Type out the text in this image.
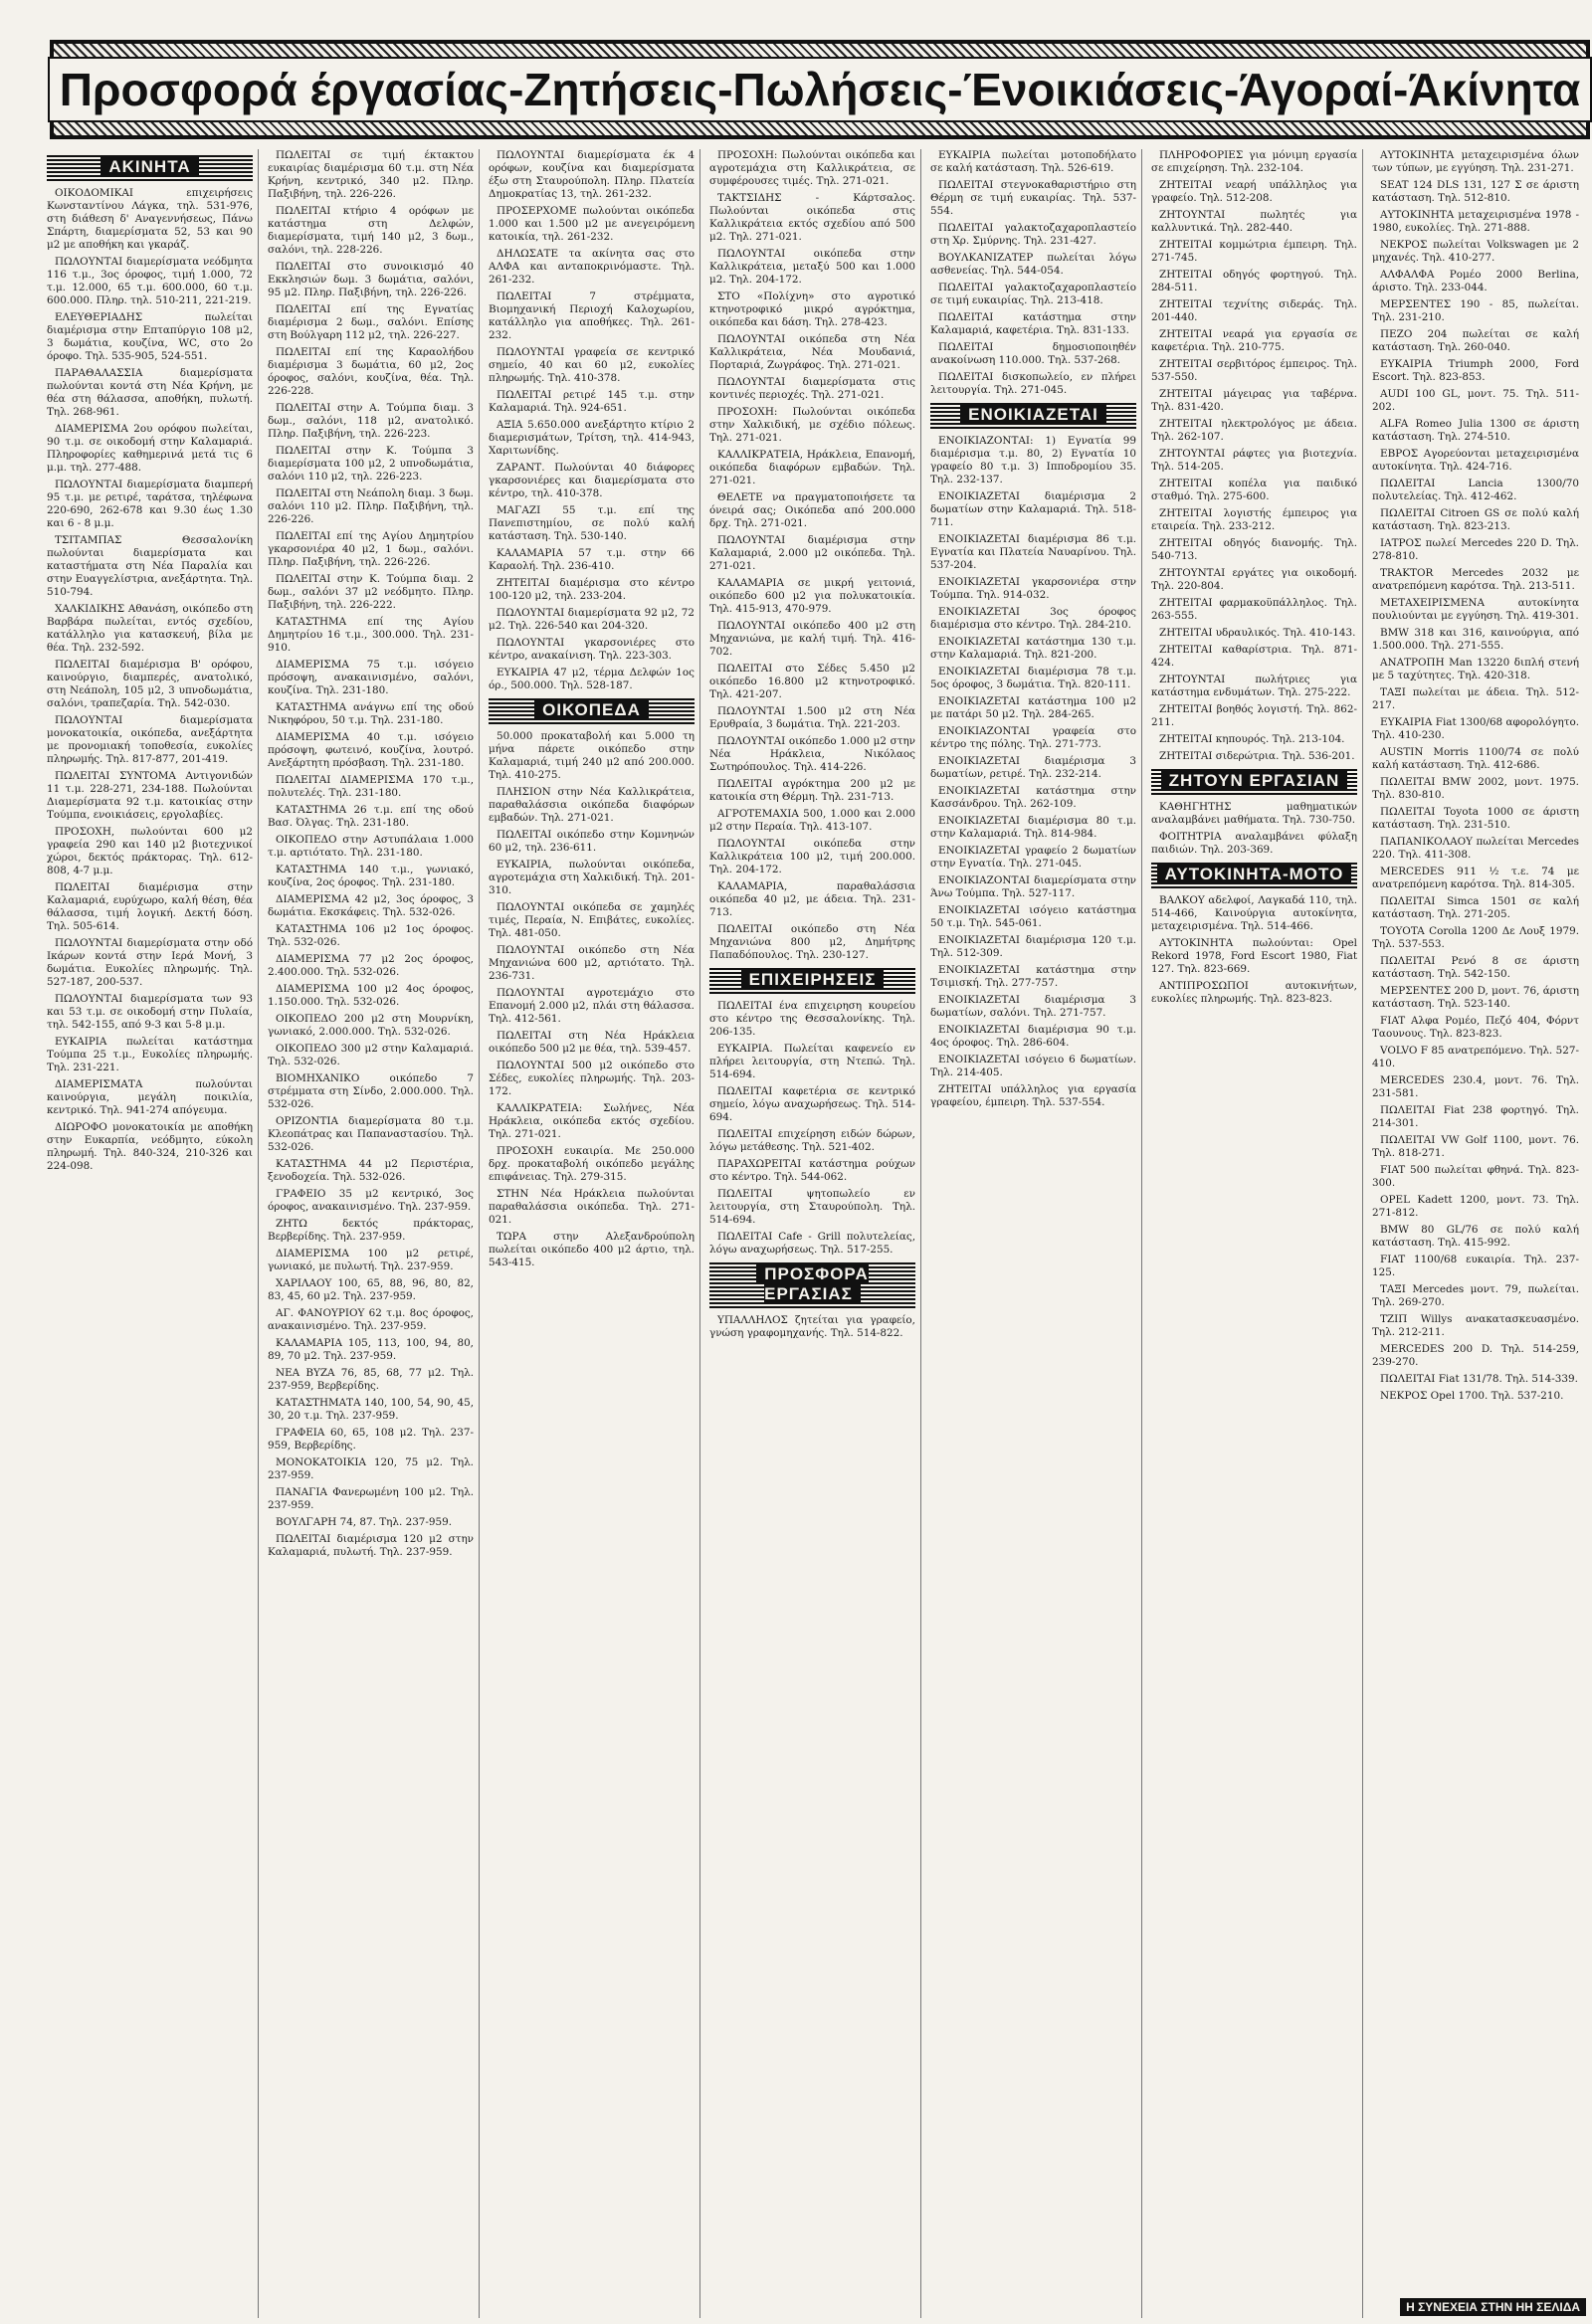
Προσφορά έργασίας-Ζητήσεις-Πωλήσεις-Ένοικιάσεις-Άγοραί-Άκίνητα
ΑΚΙΝΗΤΑ

ΟΙΚΟΔΟΜΙΚΑΙ επιχειρήσεις Κωνσταντίνου Λάγκα, τηλ. 531-976, στη διάθεση δ' Αναγεννήσεως, Πάνω Σπάρτη, διαμερίσματα 52, 53 και 90 μ2 με αποθήκη και γκαράζ.

ΠΩΛΟΥΝΤΑΙ διαμερίσματα νεόδμητα 116 τ.μ., 3ος όροφος, τιμή 1.000, 72 τ.μ. 12.000, 65 τ.μ. 600.000, 60 τ.μ. 600.000. Πληρ. τηλ. 510-211, 221-219.

ΕΛΕΥΘΕΡΙΑΔΗΣ πωλείται διαμέρισμα στην Επταπύργιο 108 μ2, 3 δωμάτια, κουζίνα, WC, στο 2ο όροφο. Τηλ. 535-905, 524-551.

ΠΑΡΑΘΑΛΑΣΣΙΑ διαμερίσματα πωλούνται κοντά στη Νέα Κρήνη, με θέα στη θάλασσα, αποθήκη, πυλωτή. Τηλ. 268-961.

ΔΙΑΜΕΡΙΣΜΑ 2ου ορόφου πωλείται, 90 τ.μ. σε οικοδομή στην Καλαμαριά. Πληροφορίες καθημερινά μετά τις 6 μ.μ. τηλ. 277-488.

ΠΩΛΟΥΝΤΑΙ διαμερίσματα διαμπερή 95 τ.μ. με ρετιρέ, ταράτσα, τηλέφωνα 220-690, 262-678 και 9.30 έως 1.30 και 6 - 8 μ.μ.

ΤΣΙΤΑΜΠΑΣ Θεσσαλονίκη πωλούνται διαμερίσματα και καταστήματα στη Νέα Παραλία και στην Ευαγγελίστρια, ανεξάρτητα. Τηλ. 510-794.

ΧΑΛΚΙΔΙΚΗΣ Αθανάση, οικόπεδο στη Βαρβάρα πωλείται, εντός σχεδίου, κατάλληλο για κατασκευή, βίλα με θέα. Τηλ. 232-592.

ΠΩΛΕΙΤΑΙ διαμέρισμα Β' ορόφου, καινούργιο, διαμπερές, ανατολικό, στη Νεάπολη, 105 μ2, 3 υπνοδωμάτια, σαλόνι, τραπεζαρία. Τηλ. 542-030.

ΠΩΛΟΥΝΤΑΙ διαμερίσματα μονοκατοικία, οικόπεδα, ανεξάρτητα με προνομιακή τοποθεσία, ευκολίες πληρωμής. Τηλ. 817-877, 201-419.

ΠΩΛΕΙΤΑΙ ΣΥΝΤΟΜΑ Αντιγονιδών 11 τ.μ. 228-271, 234-188. Πωλούνται Διαμερίσματα 92 τ.μ. κατοικίας στην Τούμπα, ενοικιάσεις, εργολαβίες.

ΠΡΟΣΟΧΗ, πωλούνται 600 μ2 γραφεία 290 και 140 μ2 βιοτεχνικοί χώροι, δεκτός πράκτορας. Τηλ. 612-808, 4-7 μ.μ.

ΠΩΛΕΙΤΑΙ διαμέρισμα στην Καλαμαριά, ευρύχωρο, καλή θέση, θέα θάλασσα, τιμή λογική. Δεκτή δόση. Τηλ. 505-614.

ΠΩΛΟΥΝΤΑΙ διαμερίσματα στην οδό Ικάρων κοντά στην Ιερά Μονή, 3 δωμάτια. Ευκολίες πληρωμής. Τηλ. 527-187, 200-537.

ΠΩΛΟΥΝΤΑΙ διαμερίσματα των 93 και 53 τ.μ. σε οικοδομή στην Πυλαία, τηλ. 542-155, από 9-3 και 5-8 μ.μ.

ΕΥΚΑΙΡΙΑ πωλείται κατάστημα Τούμπα 25 τ.μ., Ευκολίες πληρωμής. Τηλ. 231-221.

ΔΙΑΜΕΡΙΣΜΑΤΑ πωλούνται καινούργια, μεγάλη ποικιλία, κεντρικό. Τηλ. 941-274 απόγευμα.

ΔΙΩΡΟΦΟ μονοκατοικία με αποθήκη στην Ευκαρπία, νεόδμητο, εύκολη πληρωμή. Τηλ. 840-324, 210-326 και 224-098.

ΠΩΛΕΙΤΑΙ σε τιμή έκτακτου ευκαιρίας διαμέρισμα 60 τ.μ. στη Νέα Κρήνη, κεντρικό, 340 μ2. Πληρ. Παξιβήνη, τηλ. 226-226.

ΠΩΛΕΙΤΑΙ κτήριο 4 ορόφων με κατάστημα στη Δελφών, διαμερίσματα, τιμή 140 μ2, 3 δωμ., σαλόνι, τηλ. 228-226.

ΠΩΛΕΙΤΑΙ στο συνοικισμό 40 Εκκλησιών δωμ. 3 δωμάτια, σαλόνι, 95 μ2. Πληρ. Παξιβήνη, τηλ. 226-226.

ΠΩΛΕΙΤΑΙ επί της Εγνατίας διαμέρισμα 2 δωμ., σαλόνι. Επίσης στη Βούλγαρη 112 μ2, τηλ. 226-227.

ΠΩΛΕΙΤΑΙ επί της Καραολήδου διαμέρισμα 3 δωμάτια, 60 μ2, 2ος όροφος, σαλόνι, κουζίνα, θέα. Τηλ. 226-228.

ΠΩΛΕΙΤΑΙ στην Α. Τούμπα διαμ. 3 δωμ., σαλόνι, 118 μ2, ανατολικό. Πληρ. Παξιβήνη, τηλ. 226-223.

ΠΩΛΕΙΤΑΙ στην Κ. Τούμπα 3 διαμερίσματα 100 μ2, 2 υπνοδωμάτια, σαλόνι 110 μ2, τηλ. 226-223.

ΠΩΛΕΙΤΑΙ στη Νεάπολη διαμ. 3 δωμ. σαλόνι 110 μ2. Πληρ. Παξιβήνη, τηλ. 226-226.

ΠΩΛΕΙΤΑΙ επί της Αγίου Δημητρίου γκαρσονιέρα 40 μ2, 1 δωμ., σαλόνι. Πληρ. Παξιβήνη, τηλ. 226-226.

ΠΩΛΕΙΤΑΙ στην Κ. Τούμπα διαμ. 2 δωμ., σαλόνι 37 μ2 νεόδμητο. Πληρ. Παξιβήνη, τηλ. 226-222.

ΚΑΤΑΣΤΗΜΑ επί της Αγίου Δημητρίου 16 τ.μ., 300.000. Τηλ. 231-910.

ΔΙΑΜΕΡΙΣΜΑ 75 τ.μ. ισόγειο πρόσοψη, ανακαινισμένο, σαλόνι, κουζίνα. Τηλ. 231-180.

ΚΑΤΑΣΤΗΜΑ ανάγνω επί της οδού Νικηφόρου, 50 τ.μ. Τηλ. 231-180.

ΔΙΑΜΕΡΙΣΜΑ 40 τ.μ. ισόγειο πρόσοψη, φωτεινό, κουζίνα, λουτρό. Ανεξάρτητη πρόσβαση. Τηλ. 231-180.

ΠΩΛΕΙΤΑΙ ΔΙΑΜΕΡΙΣΜΑ 170 τ.μ., πολυτελές. Τηλ. 231-180.

ΚΑΤΑΣΤΗΜΑ 26 τ.μ. επί της οδού Βασ. Όλγας. Τηλ. 231-180.

ΟΙΚΟΠΕΔΟ στην Αστυπάλαια 1.000 τ.μ. αρτιότατο. Τηλ. 231-180.

ΚΑΤΑΣΤΗΜΑ 140 τ.μ., γωνιακό, κουζίνα, 2ος όροφος. Τηλ. 231-180.

ΔΙΑΜΕΡΙΣΜΑ 42 μ2, 3ος όροφος, 3 δωμάτια. Εκσκάφεις. Τηλ. 532-026.

ΚΑΤΑΣΤΗΜΑ 106 μ2 1ος όροφος. Τηλ. 532-026.

ΔΙΑΜΕΡΙΣΜΑ 77 μ2 2ος όροφος, 2.400.000. Τηλ. 532-026.

ΔΙΑΜΕΡΙΣΜΑ 100 μ2 4ος όροφος, 1.150.000. Τηλ. 532-026.

ΟΙΚΟΠΕΔΟ 200 μ2 στη Μουρνίκη, γωνιακό, 2.000.000. Τηλ. 532-026.

ΟΙΚΟΠΕΔΟ 300 μ2 στην Καλαμαριά. Τηλ. 532-026.

ΒΙΟΜΗΧΑΝΙΚΟ οικόπεδο 7 στρέμματα στη Σίνδο, 2.000.000. Τηλ. 532-026.

ΟΡΙΖΟΝΤΙΑ διαμερίσματα 80 τ.μ. Κλεοπάτρας και Παπαναστασίου. Τηλ. 532-026.

ΚΑΤΑΣΤΗΜΑ 44 μ2 Περιστέρια, ξενοδοχεία. Τηλ. 532-026.

ΓΡΑΦΕΙΟ 35 μ2 κεντρικό, 3ος όροφος, ανακαινισμένο. Τηλ. 237-959.

ΖΗΤΩ δεκτός πράκτορας, Βερβερίδης. Τηλ. 237-959.

ΔΙΑΜΕΡΙΣΜΑ 100 μ2 ρετιρέ, γωνιακό, με πυλωτή. Τηλ. 237-959.

ΧΑΡΙΛΑΟΥ 100, 65, 88, 96, 80, 82, 83, 45, 60 μ2. Τηλ. 237-959.

ΑΓ. ΦΑΝΟΥΡΙΟΥ 62 τ.μ. 8ος όροφος, ανακαινισμένο. Τηλ. 237-959.

ΚΑΛΑΜΑΡΙΑ 105, 113, 100, 94, 80, 89, 70 μ2. Τηλ. 237-959.

ΝΕΑ ΒΥΖΑ 76, 85, 68, 77 μ2. Τηλ. 237-959, Βερβερίδης.

ΚΑΤΑΣΤΗΜΑΤΑ 140, 100, 54, 90, 45, 30, 20 τ.μ. Τηλ. 237-959.

ΓΡΑΦΕΙΑ 60, 65, 108 μ2. Τηλ. 237-959, Βερβερίδης.

ΜΟΝΟΚΑΤΟΙΚΙΑ 120, 75 μ2. Τηλ. 237-959.

ΠΑΝΑΓΙΑ Φανερωμένη 100 μ2. Τηλ. 237-959.

ΒΟΥΛΓΑΡΗ 74, 87. Τηλ. 237-959.

ΠΩΛΕΙΤΑΙ διαμέρισμα 120 μ2 στην Καλαμαριά, πυλωτή. Τηλ. 237-959.

ΠΩΛΟΥΝΤΑΙ διαμερίσματα έκ 4 ορόφων, κουζίνα και διαμερίσματα έξω στη Σταυρούπολη. Πληρ. Πλατεία Δημοκρατίας 13, τηλ. 261-232.

ΠΡΟΣΕΡΧΟΜΕ πωλούνται οικόπεδα 1.000 και 1.500 μ2 με ανεγειρόμενη κατοικία, τηλ. 261-232.

ΔΗΛΩΣΑΤΕ τα ακίνητα σας στο ΑΛΦΑ και ανταποκρινόμαστε. Τηλ. 261-232.

ΠΩΛΕΙΤΑΙ 7 στρέμματα, Βιομηχανική Περιοχή Καλοχωρίου, κατάλληλο για αποθήκες. Τηλ. 261-232.

ΠΩΛΟΥΝΤΑΙ γραφεία σε κεντρικό σημείο, 40 και 60 μ2, ευκολίες πληρωμής. Τηλ. 410-378.

ΠΩΛΕΙΤΑΙ ρετιρέ 145 τ.μ. στην Καλαμαριά. Τηλ. 924-651.

ΑΞΙΑ 5.650.000 ανεξάρτητο κτίριο 2 διαμερισμάτων, Τρίτση, τηλ. 414-943, Χαριτωνίδης.

ΖΑΡΑΝΤ. Πωλούνται 40 διάφορες γκαρσονιέρες και διαμερίσματα στο κέντρο, τηλ. 410-378.

ΜΑΓΑΖΙ 55 τ.μ. επί της Πανεπιστημίου, σε πολύ καλή κατάσταση. Τηλ. 530-140.

ΚΑΛΑΜΑΡΙΑ 57 τ.μ. στην 66 Καραολή. Τηλ. 236-410.

ΖΗΤΕΙΤΑΙ διαμέρισμα στο κέντρο 100-120 μ2, τηλ. 233-204.

ΠΩΛΟΥΝΤΑΙ διαμερίσματα 92 μ2, 72 μ2. Τηλ. 226-540 και 204-320.

ΠΩΛΟΥΝΤΑΙ γκαρσονιέρες στο κέντρο, ανακαίνιση. Τηλ. 223-303.

ΕΥΚΑΙΡΙΑ 47 μ2, τέρμα Δελφών 1ος όρ., 500.000. Τηλ. 528-187.

ΟΙΚΟΠΕΔΑ

50.000 προκαταβολή και 5.000 τη μήνα πάρετε οικόπεδο στην Καλαμαριά, τιμή 240 μ2 από 200.000. Τηλ. 410-275.

ΠΛΗΣΙΟΝ στην Νέα Καλλικράτεια, παραθαλάσσια οικόπεδα διαφόρων εμβαδών. Τηλ. 271-021.

ΠΩΛΕΙΤΑΙ οικόπεδο στην Κομνηνών 60 μ2, τηλ. 236-611.

ΕΥΚΑΙΡΙΑ, πωλούνται οικόπεδα, αγροτεμάχια στη Χαλκιδική. Τηλ. 201-310.

ΠΩΛΟΥΝΤΑΙ οικόπεδα σε χαμηλές τιμές, Περαία, Ν. Επιβάτες, ευκολίες. Τηλ. 481-050.

ΠΩΛΟΥΝΤΑΙ οικόπεδο στη Νέα Μηχανιώνα 600 μ2, αρτιότατο. Τηλ. 236-731.

ΠΩΛΟΥΝΤΑΙ αγροτεμάχιο στο Επανομή 2.000 μ2, πλάι στη θάλασσα. Τηλ. 412-561.

ΠΩΛΕΙΤΑΙ στη Νέα Ηράκλεια οικόπεδο 500 μ2 με θέα, τηλ. 539-457.

ΠΩΛΟΥΝΤΑΙ 500 μ2 οικόπεδο στο Σέδες, ευκολίες πληρωμής. Τηλ. 203-172.

ΚΑΛΛΙΚΡΑΤΕΙΑ: Σωλήνες, Νέα Ηράκλεια, οικόπεδα εκτός σχεδίου. Τηλ. 271-021.

ΠΡΟΣΟΧΗ ευκαιρία. Με 250.000 δρχ. προκαταβολή οικόπεδο μεγάλης επιφάνειας. Τηλ. 279-315.

ΣΤΗΝ Νέα Ηράκλεια πωλούνται παραθαλάσσια οικόπεδα. Τηλ. 271-021.

ΤΩΡΑ στην Αλεξανδρούπολη πωλείται οικόπεδο 400 μ2 άρτιο, τηλ. 543-415.

ΠΡΟΣΟΧΗ: Πωλούνται οικόπεδα και αγροτεμάχια στη Καλλικράτεια, σε συμφέρουσες τιμές. Τηλ. 271-021.

ΤΑΚΤΣΙΔΗΣ - Κάρτσαλος. Πωλούνται οικόπεδα στις Καλλικράτεια εκτός σχεδίου από 500 μ2. Τηλ. 271-021.

ΠΩΛΟΥΝΤΑΙ οικόπεδα στην Καλλικράτεια, μεταξύ 500 και 1.000 μ2. Τηλ. 204-172.

ΣΤΟ «Πολίχνη» στο αγροτικό κτηνοτροφικό μικρό αγρόκτημα, οικόπεδα και δάση. Τηλ. 278-423.

ΠΩΛΟΥΝΤΑΙ οικόπεδα στη Νέα Καλλικράτεια, Νέα Μουδανιά, Πορταριά, Ζωγράφος. Τηλ. 271-021.

ΠΩΛΟΥΝΤΑΙ διαμερίσματα στις κοντινές περιοχές. Τηλ. 271-021.

ΠΡΟΣΟΧΗ: Πωλούνται οικόπεδα στην Χαλκιδική, με σχέδιο πόλεως. Τηλ. 271-021.

ΚΑΛΛΙΚΡΑΤΕΙΑ, Ηράκλεια, Επανομή, οικόπεδα διαφόρων εμβαδών. Τηλ. 271-021.

ΘΕΛΕΤΕ να πραγματοποιήσετε τα όνειρά σας; Οικόπεδα από 200.000 δρχ. Τηλ. 271-021.

ΠΩΛΟΥΝΤΑΙ διαμέρισμα στην Καλαμαριά, 2.000 μ2 οικόπεδα. Τηλ. 271-021.

ΚΑΛΑΜΑΡΙΑ σε μικρή γειτονιά, οικόπεδο 600 μ2 για πολυκατοικία. Τηλ. 415-913, 470-979.

ΠΩΛΟΥΝΤΑΙ οικόπεδο 400 μ2 στη Μηχανιώνα, με καλή τιμή. Τηλ. 416-702.

ΠΩΛΕΙΤΑΙ στο Σέδες 5.450 μ2 οικόπεδο 16.800 μ2 κτηνοτροφικό. Τηλ. 421-207.

ΠΩΛΟΥΝΤΑΙ 1.500 μ2 στη Νέα Ερυθραία, 3 δωμάτια. Τηλ. 221-203.

ΠΩΛΟΥΝΤΑΙ οικόπεδο 1.000 μ2 στην Νέα Ηράκλεια, Νικόλαος Σωτηρόπουλος. Τηλ. 414-226.

ΠΩΛΕΙΤΑΙ αγρόκτημα 200 μ2 με κατοικία στη Θέρμη. Τηλ. 231-713.

ΑΓΡΟΤΕΜΑΧΙΑ 500, 1.000 και 2.000 μ2 στην Περαία. Τηλ. 413-107.

ΠΩΛΟΥΝΤΑΙ οικόπεδα στην Καλλικράτεια 100 μ2, τιμή 200.000. Τηλ. 204-172.

ΚΑΛΑΜΑΡΙΑ, παραθαλάσσια οικόπεδα 40 μ2, με άδεια. Τηλ. 231-713.

ΠΩΛΕΙΤΑΙ οικόπεδο στη Νέα Μηχανιώνα 800 μ2, Δημήτρης Παπαδόπουλος. Τηλ. 230-127.

ΕΠΙΧΕΙΡΗΣΕΙΣ

ΠΩΛΕΙΤΑΙ ένα επιχειρηση κουρείου στο κέντρο της Θεσσαλονίκης. Τηλ. 206-135.

ΕΥΚΑΙΡΙΑ. Πωλείται καφενείο εν πλήρει λειτουργία, στη Ντεπώ. Τηλ. 514-694.

ΠΩΛΕΙΤΑΙ καφετέρια σε κεντρικό σημείο, λόγω αναχωρήσεως. Τηλ. 514-694.

ΠΩΛΕΙΤΑΙ επιχείρηση ειδών δώρων, λόγω μετάθεσης. Τηλ. 521-402.

ΠΑΡΑΧΩΡΕΙΤΑΙ κατάστημα ρούχων στο κέντρο. Τηλ. 544-062.

ΠΩΛΕΙΤΑΙ ψητοπωλείο εν λειτουργία, στη Σταυρούπολη. Τηλ. 514-694.

ΠΩΛΕΙΤΑΙ Cafe - Grill πολυτελείας, λόγω αναχωρήσεως. Τηλ. 517-255.

ΠΡΟΣΦΟΡΑ ΕΡΓΑΣΙΑΣ

ΥΠΑΛΛΗΛΟΣ ζητείται για γραφείο, γνώση γραφομηχανής. Τηλ. 514-822.

ΕΥΚΑΙΡΙΑ πωλείται μοτοποδήλατο σε καλή κατάσταση. Τηλ. 526-619.

ΠΩΛΕΙΤΑΙ στεγνοκαθαριστήριο στη Θέρμη σε τιμή ευκαιρίας. Τηλ. 537-554.

ΠΩΛΕΙΤΑΙ γαλακτοζαχαροπλαστείο στη Χρ. Σμύρνης. Τηλ. 231-427.

ΒΟΥΛΚΑΝΙΖΑΤΕΡ πωλείται λόγω ασθενείας. Τηλ. 544-054.

ΠΩΛΕΙΤΑΙ γαλακτοζαχαροπλαστείο σε τιμή ευκαιρίας. Τηλ. 213-418.

ΠΩΛΕΙΤΑΙ κατάστημα στην Καλαμαριά, καφετέρια. Τηλ. 831-133.

ΠΩΛΕΙΤΑΙ δημοσιοποιηθέν ανακοίνωση 110.000. Τηλ. 537-268.

ΠΩΛΕΙΤΑΙ δισκοπωλείο, εν πλήρει λειτουργία. Τηλ. 271-045.

ΕΝΟΙΚΙΑΖΕΤΑΙ

ΕΝΟΙΚΙΑΖΟΝΤΑΙ: 1) Εγνατία 99 διαμέρισμα τ.μ. 80, 2) Εγνατία 10 γραφείο 80 τ.μ. 3) Ιπποδρομίου 35. Τηλ. 232-137.

ΕΝΟΙΚΙΑΖΕΤΑΙ διαμέρισμα 2 δωματίων στην Καλαμαριά. Τηλ. 518-711.

ΕΝΟΙΚΙΑΖΕΤΑΙ διαμέρισμα 86 τ.μ. Εγνατία και Πλατεία Ναυαρίνου. Τηλ. 537-204.

ΕΝΟΙΚΙΑΖΕΤΑΙ γκαρσονιέρα στην Τούμπα. Τηλ. 914-032.

ΕΝΟΙΚΙΑΖΕΤΑΙ 3ος όροφος διαμέρισμα στο κέντρο. Τηλ. 284-210.

ΕΝΟΙΚΙΑΖΕΤΑΙ κατάστημα 130 τ.μ. στην Καλαμαριά. Τηλ. 821-200.

ΕΝΟΙΚΙΑΖΕΤΑΙ διαμέρισμα 78 τ.μ. 5ος όροφος, 3 δωμάτια. Τηλ. 820-111.

ΕΝΟΙΚΙΑΖΕΤΑΙ κατάστημα 100 μ2 με πατάρι 50 μ2. Τηλ. 284-265.

ΕΝΟΙΚΙΑΖΟΝΤΑΙ γραφεία στο κέντρο της πόλης. Τηλ. 271-773.

ΕΝΟΙΚΙΑΖΕΤΑΙ διαμέρισμα 3 δωματίων, ρετιρέ. Τηλ. 232-214.

ΕΝΟΙΚΙΑΖΕΤΑΙ κατάστημα στην Κασσάνδρου. Τηλ. 262-109.

ΕΝΟΙΚΙΑΖΕΤΑΙ διαμέρισμα 80 τ.μ. στην Καλαμαριά. Τηλ. 814-984.

ΕΝΟΙΚΙΑΖΕΤΑΙ γραφείο 2 δωματίων στην Εγνατία. Τηλ. 271-045.

ΕΝΟΙΚΙΑΖΟΝΤΑΙ διαμερίσματα στην Άνω Τούμπα. Τηλ. 527-117.

ΕΝΟΙΚΙΑΖΕΤΑΙ ισόγειο κατάστημα 50 τ.μ. Τηλ. 545-061.

ΕΝΟΙΚΙΑΖΕΤΑΙ διαμέρισμα 120 τ.μ. Τηλ. 512-309.

ΕΝΟΙΚΙΑΖΕΤΑΙ κατάστημα στην Τσιμισκή. Τηλ. 277-757.

ΕΝΟΙΚΙΑΖΕΤΑΙ διαμέρισμα 3 δωματίων, σαλόνι. Τηλ. 271-757.

ΕΝΟΙΚΙΑΖΕΤΑΙ διαμέρισμα 90 τ.μ. 4ος όροφος. Τηλ. 286-604.

ΕΝΟΙΚΙΑΖΕΤΑΙ ισόγειο 6 δωματίων. Τηλ. 214-405.

ΖΗΤΕΙΤΑΙ υπάλληλος για εργασία γραφείου, έμπειρη. Τηλ. 537-554.

ΠΛΗΡΟΦΟΡΙΕΣ για μόνιμη εργασία σε επιχείρηση. Τηλ. 232-104.

ΖΗΤΕΙΤΑΙ νεαρή υπάλληλος για γραφείο. Τηλ. 512-208.

ΖΗΤΟΥΝΤΑΙ πωλητές για καλλυντικά. Τηλ. 282-440.

ΖΗΤΕΙΤΑΙ κομμώτρια έμπειρη. Τηλ. 271-745.

ΖΗΤΕΙΤΑΙ οδηγός φορτηγού. Τηλ. 284-511.

ΖΗΤΕΙΤΑΙ τεχνίτης σιδεράς. Τηλ. 201-440.

ΖΗΤΕΙΤΑΙ νεαρά για εργασία σε καφετέρια. Τηλ. 210-775.

ΖΗΤΕΙΤΑΙ σερβιτόρος έμπειρος. Τηλ. 537-550.

ΖΗΤΕΙΤΑΙ μάγειρας για ταβέρνα. Τηλ. 831-420.

ΖΗΤΕΙΤΑΙ ηλεκτρολόγος με άδεια. Τηλ. 262-107.

ΖΗΤΟΥΝΤΑΙ ράφτες για βιοτεχνία. Τηλ. 514-205.

ΖΗΤΕΙΤΑΙ κοπέλα για παιδικό σταθμό. Τηλ. 275-600.

ΖΗΤΕΙΤΑΙ λογιστής έμπειρος για εταιρεία. Τηλ. 233-212.

ΖΗΤΕΙΤΑΙ οδηγός διανομής. Τηλ. 540-713.

ΖΗΤΟΥΝΤΑΙ εργάτες για οικοδομή. Τηλ. 220-804.

ΖΗΤΕΙΤΑΙ φαρμακοϋπάλληλος. Τηλ. 263-555.

ΖΗΤΕΙΤΑΙ υδραυλικός. Τηλ. 410-143.

ΖΗΤΕΙΤΑΙ καθαρίστρια. Τηλ. 871-424.

ΖΗΤΟΥΝΤΑΙ πωλήτριες για κατάστημα ενδυμάτων. Τηλ. 275-222.

ΖΗΤΕΙΤΑΙ βοηθός λογιστή. Τηλ. 862-211.

ΖΗΤΕΙΤΑΙ κηπουρός. Τηλ. 213-104.

ΖΗΤΕΙΤΑΙ σιδερώτρια. Τηλ. 536-201.

ΖΗΤΟΥΝ ΕΡΓΑΣΙΑΝ

ΚΑΘΗΓΗΤΗΣ μαθηματικών αναλαμβάνει μαθήματα. Τηλ. 730-750.

ΦΟΙΤΗΤΡΙΑ αναλαμβάνει φύλαξη παιδιών. Τηλ. 203-369.

ΑΥΤΟΚΙΝΗΤΑ-ΜΟΤΟ

ΒΑΛΚΟΥ αδελφοί, Λαγκαδά 110, τηλ. 514-466, Καινούργια αυτοκίνητα, μεταχειρισμένα. Τηλ. 514-466.

ΑΥΤΟΚΙΝΗΤΑ πωλούνται: Opel Rekord 1978, Ford Escort 1980, Fiat 127. Τηλ. 823-669.

ΑΝΤΙΠΡΟΣΩΠΟΙ αυτοκινήτων, ευκολίες πληρωμής. Τηλ. 823-823.

ΑΥΤΟΚΙΝΗΤΑ μεταχειρισμένα όλων των τύπων, με εγγύηση. Τηλ. 231-271.

SEAT 124 DLS 131, 127 Σ σε άριστη κατάσταση. Τηλ. 512-810.

ΑΥΤΟΚΙΝΗΤΑ μεταχειρισμένα 1978 - 1980, ευκολίες. Τηλ. 271-888.

ΝΕΚΡΟΣ πωλείται Volkswagen με 2 μηχανές. Τηλ. 410-277.

ΑΛΦΑΛΦΑ Ρομέο 2000 Berlina, άριστο. Τηλ. 233-044.

ΜΕΡΣΕΝΤΕΣ 190 - 85, πωλείται. Τηλ. 231-210.

ΠΕΖΟ 204 πωλείται σε καλή κατάσταση. Τηλ. 260-040.

ΕΥΚΑΙΡΙΑ Triumph 2000, Ford Escort. Τηλ. 823-853.

AUDI 100 GL, μοντ. 75. Τηλ. 511-202.

ALFA Romeo Julia 1300 σε άριστη κατάσταση. Τηλ. 274-510.

ΕΒΡΟΣ Αγορεύονται μεταχειρισμένα αυτοκίνητα. Τηλ. 424-716.

ΠΩΛΕΙΤΑΙ Lancia 1300/70 πολυτελείας. Τηλ. 412-462.

ΠΩΛΕΙΤΑΙ Citroen GS σε πολύ καλή κατάσταση. Τηλ. 823-213.

ΙΑΤΡΟΣ πωλεί Mercedes 220 D. Τηλ. 278-810.

TRAKTOR Mercedes 2032 με ανατρεπόμενη καρότσα. Τηλ. 213-511.

ΜΕΤΑΧΕΙΡΙΣΜΕΝΑ αυτοκίνητα πουλιούνται με εγγύηση. Τηλ. 419-301.

BMW 318 και 316, καινούργια, από 1.500.000. Τηλ. 271-555.

ΑΝΑΤΡΟΠΗ Man 13220 διπλή στενή με 5 ταχύτητες. Τηλ. 420-318.

ΤΑΞΙ πωλείται με άδεια. Τηλ. 512-217.

ΕΥΚΑΙΡΙΑ Fiat 1300/68 αφορολόγητο. Τηλ. 410-230.

AUSTIN Morris 1100/74 σε πολύ καλή κατάσταση. Τηλ. 412-686.

ΠΩΛΕΙΤΑΙ BMW 2002, μοντ. 1975. Τηλ. 830-810.

ΠΩΛΕΙΤΑΙ Toyota 1000 σε άριστη κατάσταση. Τηλ. 231-510.

ΠΑΠΑΝΙΚΟΛΑΟΥ πωλείται Mercedes 220. Τηλ. 411-308.

MERCEDES 911 ½ τ.ε. 74 με ανατρεπόμενη καρότσα. Τηλ. 814-305.

ΠΩΛΕΙΤΑΙ Simca 1501 σε καλή κατάσταση. Τηλ. 271-205.

TOYOTA Corolla 1200 Δε Λουξ 1979. Τηλ. 537-553.

ΠΩΛΕΙΤΑΙ Ρενό 8 σε άριστη κατάσταση. Τηλ. 542-150.

ΜΕΡΣΕΝΤΕΣ 200 D, μοντ. 76, άριστη κατάσταση. Τηλ. 523-140.

FIAT Αλφα Ρομέο, Πεζό 404, Φόρντ Ταουνους. Τηλ. 823-823.

VOLVO F 85 ανατρεπόμενο. Τηλ. 527-410.

MERCEDES 230.4, μοντ. 76. Τηλ. 231-581.

ΠΩΛΕΙΤΑΙ Fiat 238 φορτηγό. Τηλ. 214-301.

ΠΩΛΕΙΤΑΙ VW Golf 1100, μοντ. 76. Τηλ. 818-271.

FIAT 500 πωλείται φθηνά. Τηλ. 823-300.

OPEL Kadett 1200, μοντ. 73. Τηλ. 271-812.

BMW 80 GL/76 σε πολύ καλή κατάσταση. Τηλ. 415-992.

FIAT 1100/68 ευκαιρία. Τηλ. 237-125.

ΤΑΞΙ Mercedes μοντ. 79, πωλείται. Τηλ. 269-270.

ΤΖΙΠ Willys ανακατασκευασμένο. Τηλ. 212-211.

MERCEDES 200 D. Τηλ. 514-259, 239-270.

ΠΩΛΕΙΤΑΙ Fiat 131/78. Τηλ. 514-339.

ΝΕΚΡΟΣ Opel 1700. Τηλ. 537-210.

Η ΣΥΝΕΧΕΙΑ ΣΤΗΝ ΗΗ ΣΕΛΙΔΑ
